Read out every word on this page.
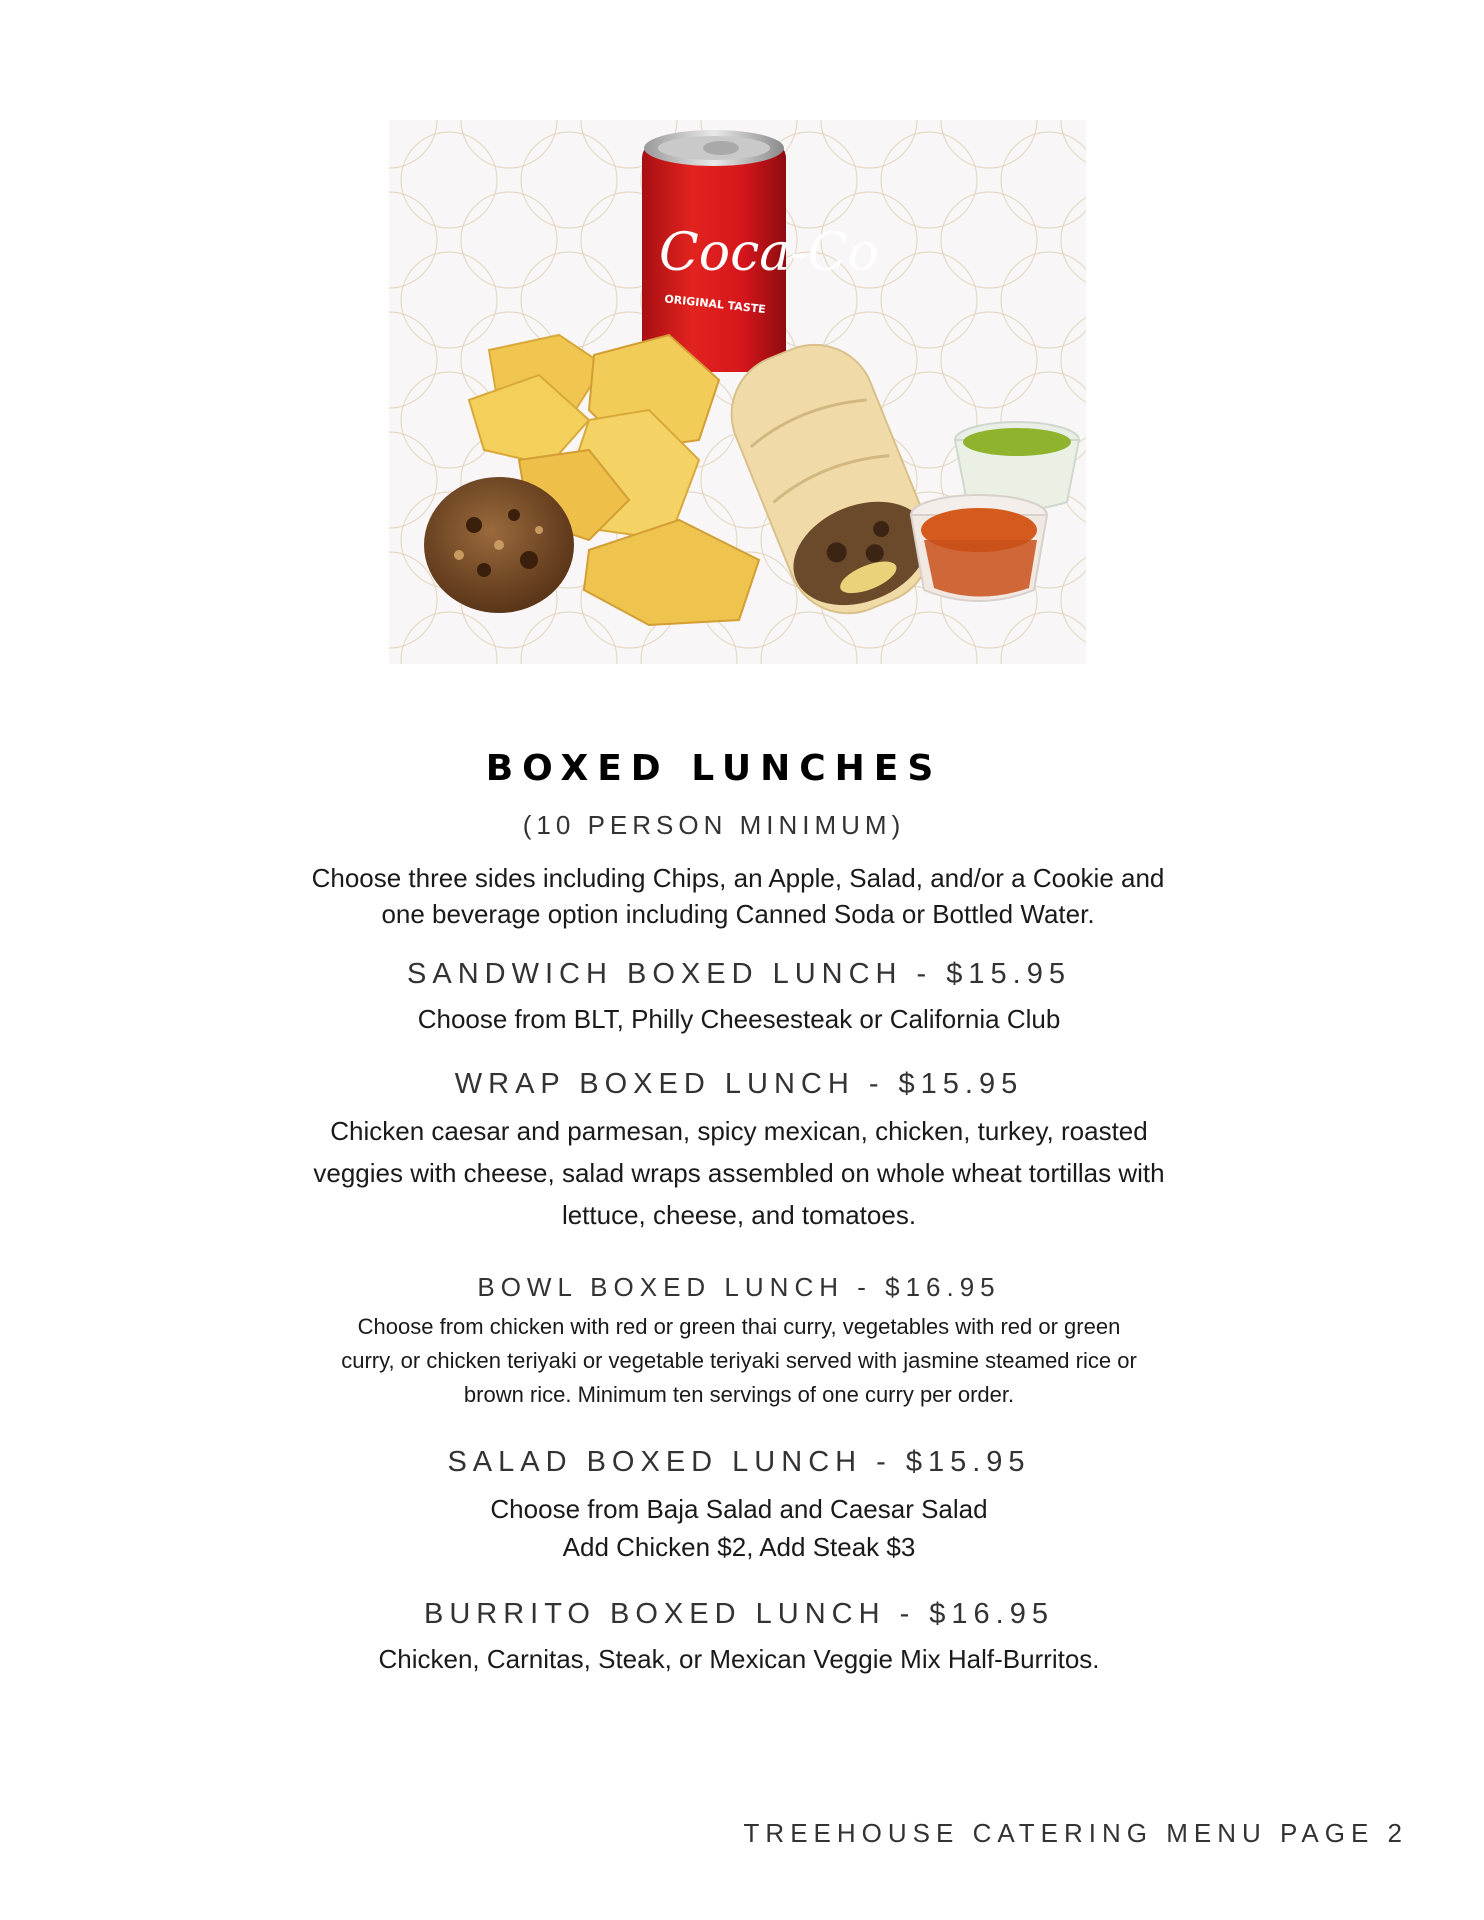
Coca-Co
ORIGINAL TASTE
BOXED LUNCHES
(10 PERSON MINIMUM)
Choose three sides including Chips, an Apple, Salad, and/or a Cookie and
one beverage option including Canned Soda or Bottled Water.
SANDWICH BOXED LUNCH - $15.95
Choose from BLT, Philly Cheesesteak or California Club
WRAP BOXED LUNCH - $15.95
Chicken caesar and parmesan, spicy mexican, chicken, turkey, roasted
veggies with cheese, salad wraps assembled on whole wheat tortillas with
lettuce, cheese, and tomatoes.
BOWL BOXED LUNCH - $16.95
Choose from chicken with red or green thai curry, vegetables with red or green
curry, or chicken teriyaki or vegetable teriyaki served with jasmine steamed rice or
brown rice. Minimum ten servings of one curry per order.
SALAD BOXED LUNCH - $15.95
Choose from Baja Salad and Caesar Salad
Add Chicken $2, Add Steak $3
BURRITO BOXED LUNCH - $16.95
Chicken, Carnitas, Steak, or Mexican Veggie Mix Half-Burritos.
TREEHOUSE CATERING MENU PAGE 2
